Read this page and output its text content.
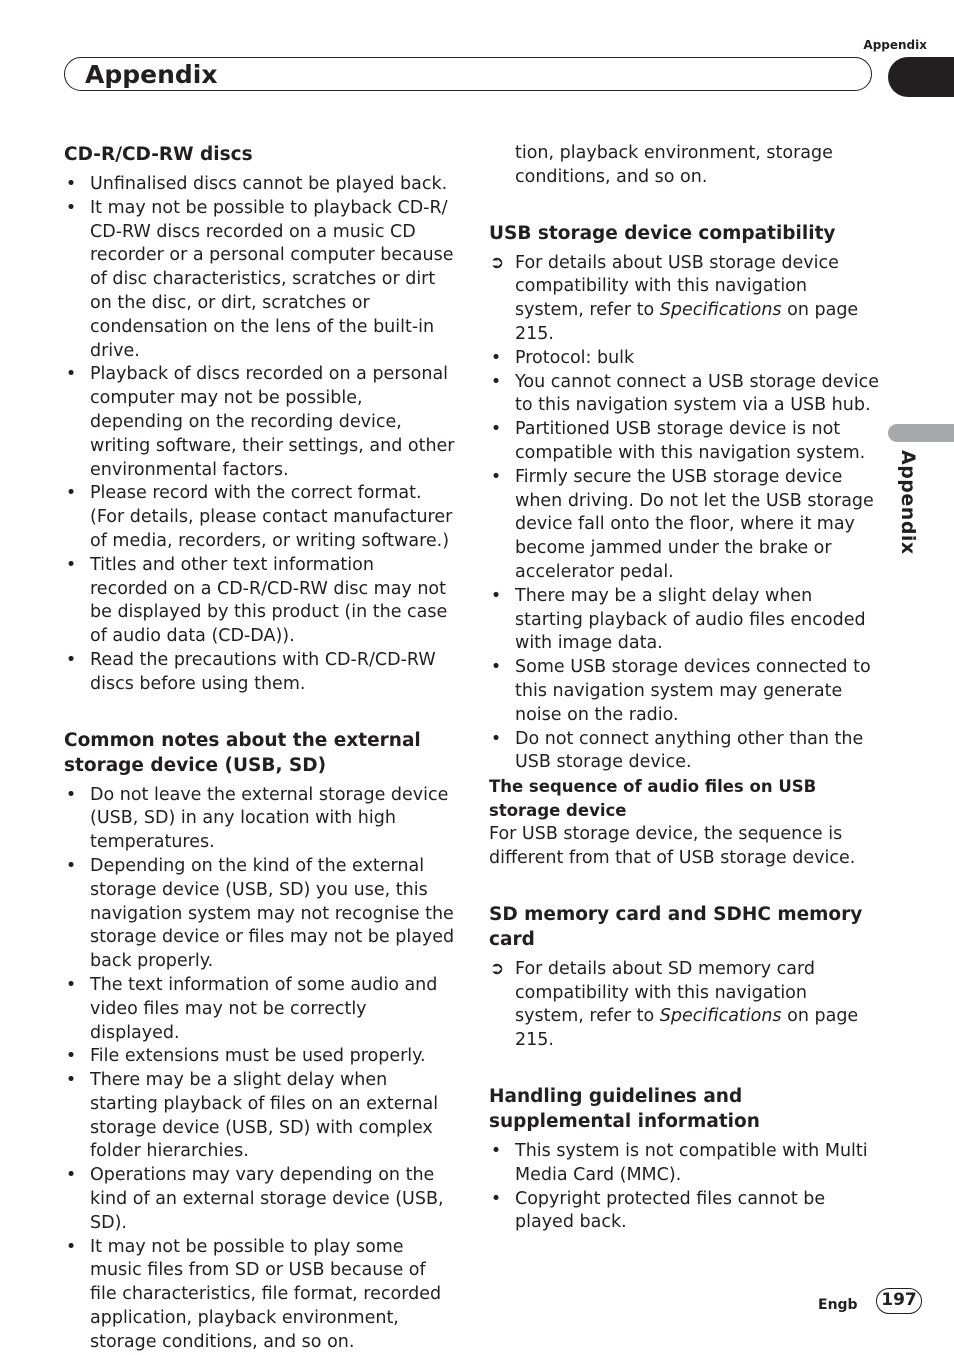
Appendix
Appendix
Appendix
CD-R/CD-RW discs
• Unfinalised discs cannot be played back.
• It may not be possible to playback CD-R/ CD-RW discs recorded on a music CD recorder or a personal computer because of disc characteristics, scratches or dirt on the disc, or dirt, scratches or condensation on the lens of the built-in drive.
• Playback of discs recorded on a personal computer may not be possible, depending on the recording device, writing software, their settings, and other environmental factors.
• Please record with the correct format. (For details, please contact manufacturer of media, recorders, or writing software.)
• Titles and other text information recorded on a CD-R/CD-RW disc may not be displayed by this product (in the case of audio data (CD-DA)).
• Read the precautions with CD-R/CD-RW discs before using them.
Common notes about the external storage device (USB, SD)
• Do not leave the external storage device (USB, SD) in any location with high temperatures.
• Depending on the kind of the external storage device (USB, SD) you use, this navigation system may not recognise the storage device or files may not be played back properly.
• The text information of some audio and video files may not be correctly displayed.
• File extensions must be used properly.
• There may be a slight delay when starting playback of files on an external storage device (USB, SD) with complex folder hierarchies.
• Operations may vary depending on the kind of an external storage device (USB, SD).
• It may not be possible to play some music files from SD or USB because of file characteristics, file format, recorded application, playback environment, storage conditions, and so on.

tion, playback environment, storage conditions, and so on.

USB storage device compatibility
➲ For details about USB storage device compatibility with this navigation system, refer to Specifications on page 215.
• Protocol: bulk
• You cannot connect a USB storage device to this navigation system via a USB hub.
• Partitioned USB storage device is not compatible with this navigation system.
• Firmly secure the USB storage device when driving. Do not let the USB storage device fall onto the floor, where it may become jammed under the brake or accelerator pedal.
• There may be a slight delay when starting playback of audio files encoded with image data.
• Some USB storage devices connected to this navigation system may generate noise on the radio.
• Do not connect anything other than the USB storage device.
The sequence of audio files on USB storage device

For USB storage device, the sequence is different from that of USB storage device.

SD memory card and SDHC memory card
➲ For details about SD memory card compatibility with this navigation system, refer to Specifications on page 215.
Handling guidelines and supplemental information
• This system is not compatible with Multi Media Card (MMC).
• Copyright protected files cannot be played back.
Engb	197
